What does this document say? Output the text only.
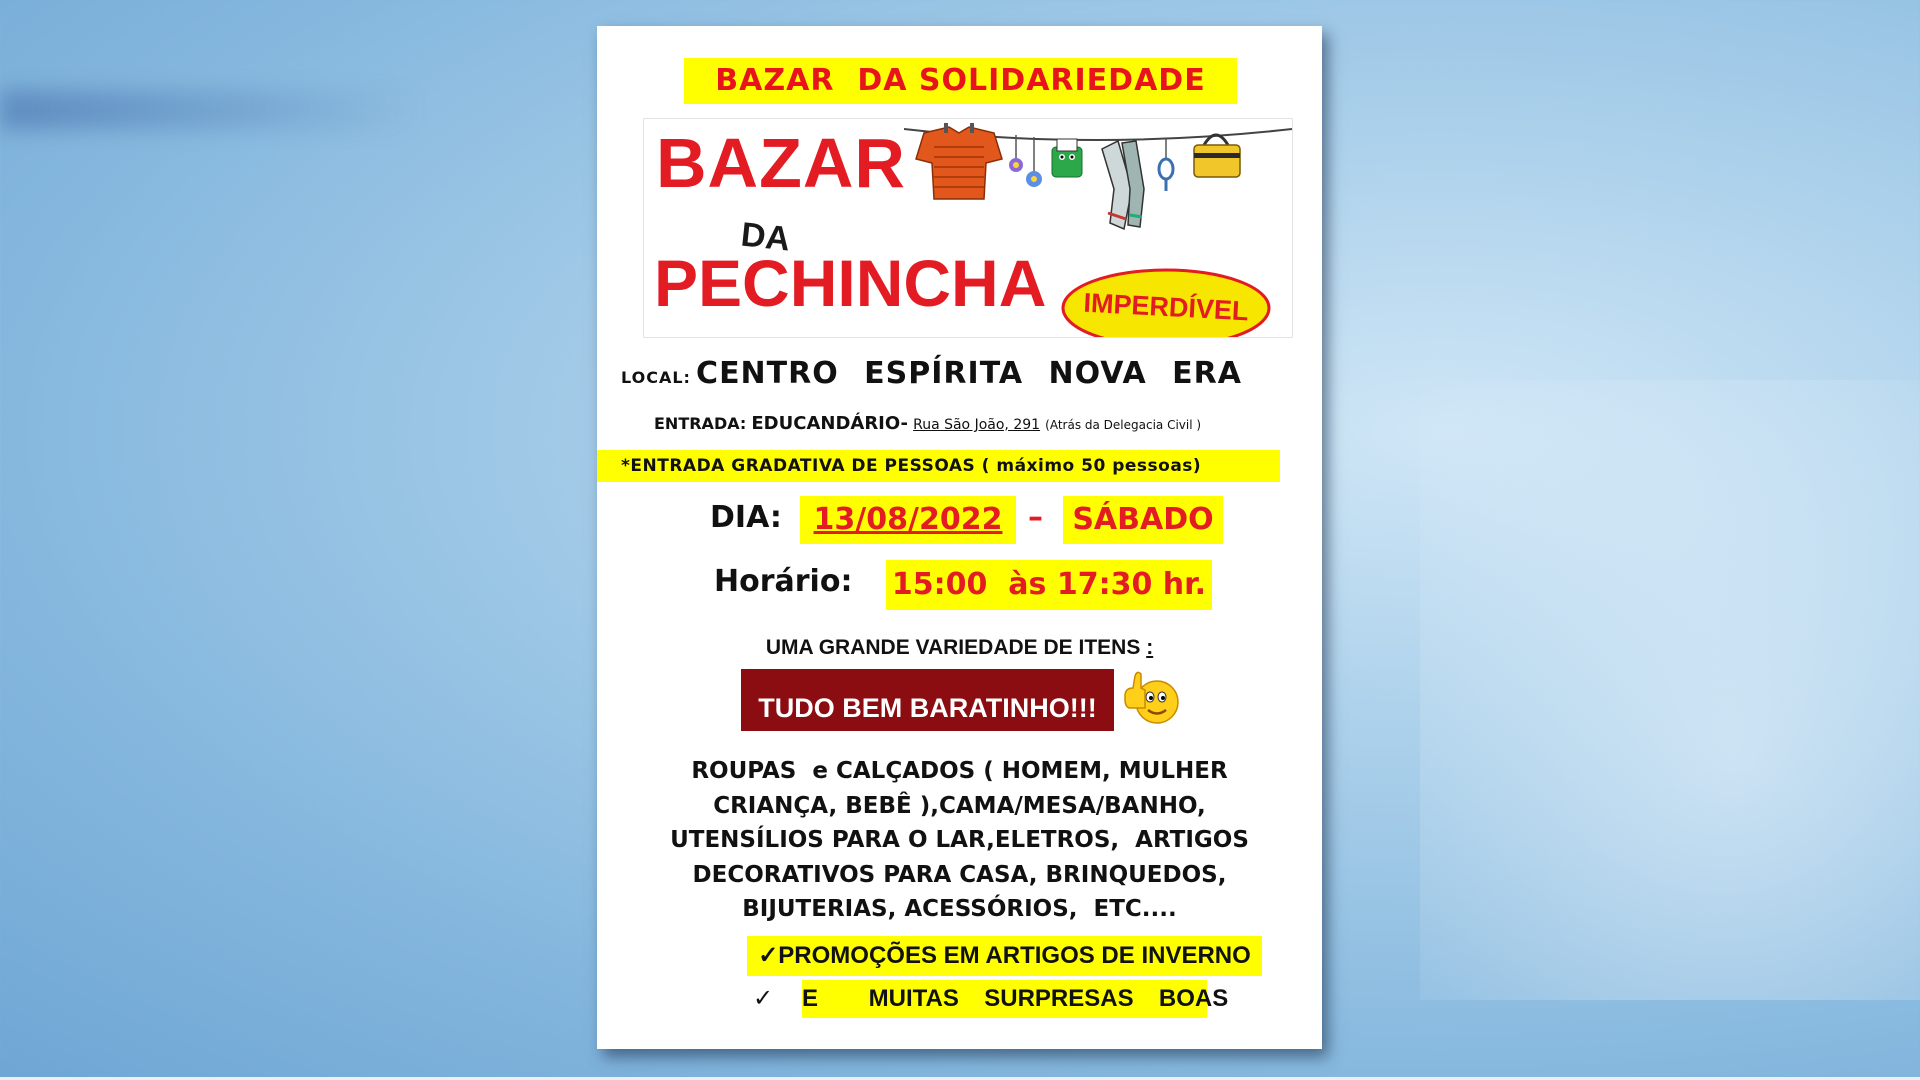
BAZAR  DA SOLIDARIEDADE
BAZAR
DA
PECHINCHA	IMPERDÍVEL
LOCAL: CENTRO ESPÍRITA NOVA ERA
ENTRADA: EDUCANDÁRIO- Rua São João, 291 (Atrás da Delegacia Civil )
*ENTRADA GRADATIVA DE PESSOAS ( máximo 50 pessoas)
DIA:	13/08/2022 – SÁBADO
Horário: 15:00  às 17:30 hr.
UMA GRANDE VARIEDADE DE ITENS :
TUDO BEM BARATINHO!!!
ROUPAS  e CALÇADOS ( HOMEM, MULHER
CRIANÇA, BEBÊ ),CAMA/MESA/BANHO,
UTENSÍLIOS PARA O LAR,ELETROS,  ARTIGOS
DECORATIVOS PARA CASA, BRINQUEDOS,
BIJUTERIAS, ACESSÓRIOS,  ETC....
✓PROMOÇÕES EM ARTIGOS DE INVERNO
✓ E    MUITAS  SURPRESAS  BOAS
